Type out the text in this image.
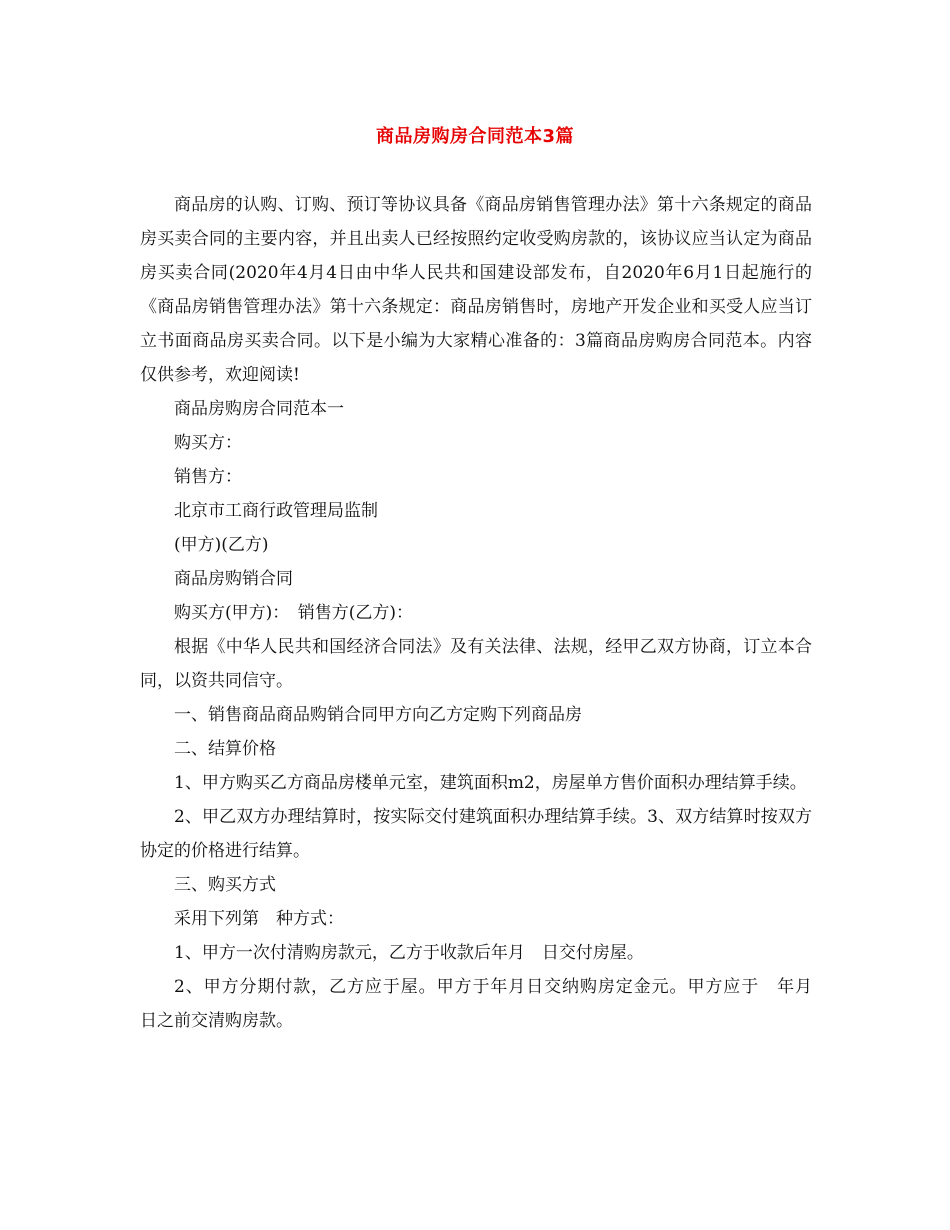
商品房购房合同范本3篇

商品房的认购、订购、预订等协议具备《商品房销售管理办法》第十六条规定的商品房买卖合同的主要内容，并且出卖人已经按照约定收受购房款的，该协议应当认定为商品房买卖合同(2020年4月4日由中华人民共和国建设部发布，自2020年6月1日起施行的《商品房销售管理办法》第十六条规定：商品房销售时，房地产开发企业和买受人应当订立书面商品房买卖合同。以下是小编为大家精心准备的：3篇商品房购房合同范本。内容仅供参考，欢迎阅读!

商品房购房合同范本一

购买方：

销售方：

北京市工商行政管理局监制

(甲方)(乙方)

商品房购销合同

购买方(甲方)：　销售方(乙方)：

根据《中华人民共和国经济合同法》及有关法律、法规，经甲乙双方协商，订立本合同，以资共同信守。

一、销售商品商品购销合同甲方向乙方定购下列商品房

二、结算价格

1、甲方购买乙方商品房楼单元室，建筑面积m2，房屋单方售价面积办理结算手续。

2、甲乙双方办理结算时，按实际交付建筑面积办理结算手续。3、双方结算时按双方协定的价格进行结算。

三、购买方式

采用下列第　种方式：

1、甲方一次付清购房款元，乙方于收款后年月　日交付房屋。

2、甲方分期付款，乙方应于屋。甲方于年月日交纳购房定金元。甲方应于　年月　日之前交清购房款。
